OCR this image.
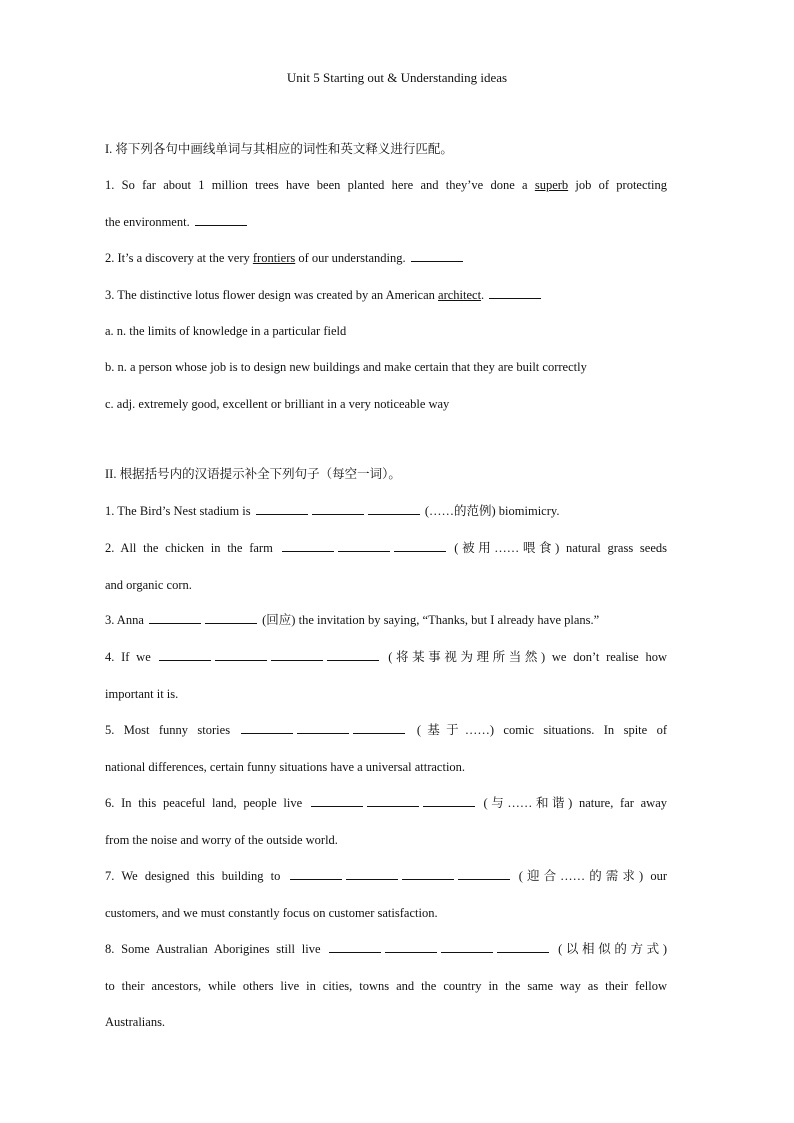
Unit 5 Starting out & Understanding ideas
I. 将下列各句中画线单词与其相应的词性和英文释义进行匹配。
1. So far about 1 million trees have been planted here and they’ve done a superb job of protecting
the environment.
2. It’s a discovery at the very frontiers of our understanding.
3. The distinctive lotus flower design was created by an American architect.
a. n. the limits of knowledge in a particular field
b. n. a person whose job is to design new buildings and make certain that they are built correctly
c. adj. extremely good, excellent or brilliant in a very noticeable way
II. 根据括号内的汉语提示补全下列句子（每空一词）。
1. The Bird’s Nest stadium is	(……的范例) biomimicry.
2. All the chicken in the farm	(被用……喂食) natural grass seeds
and organic corn.
3. Anna	(回应) the invitation by saying, “Thanks, but I already have plans.”
4. If we	(将某事视为理所当然) we don’t realise how
important it is.
5. Most funny stories	(基于……) comic situations. In spite of
national differences, certain funny situations have a universal attraction.
6. In this peaceful land, people live	(与……和谐) nature, far away
from the noise and worry of the outside world.
7. We designed this building to	(迎合……的需求) our
customers, and we must constantly focus on customer satisfaction.
8. Some Australian Aborigines still live	(以相似的方式)
to their ancestors, while others live in cities, towns and the country in the same way as their fellow
Australians.
